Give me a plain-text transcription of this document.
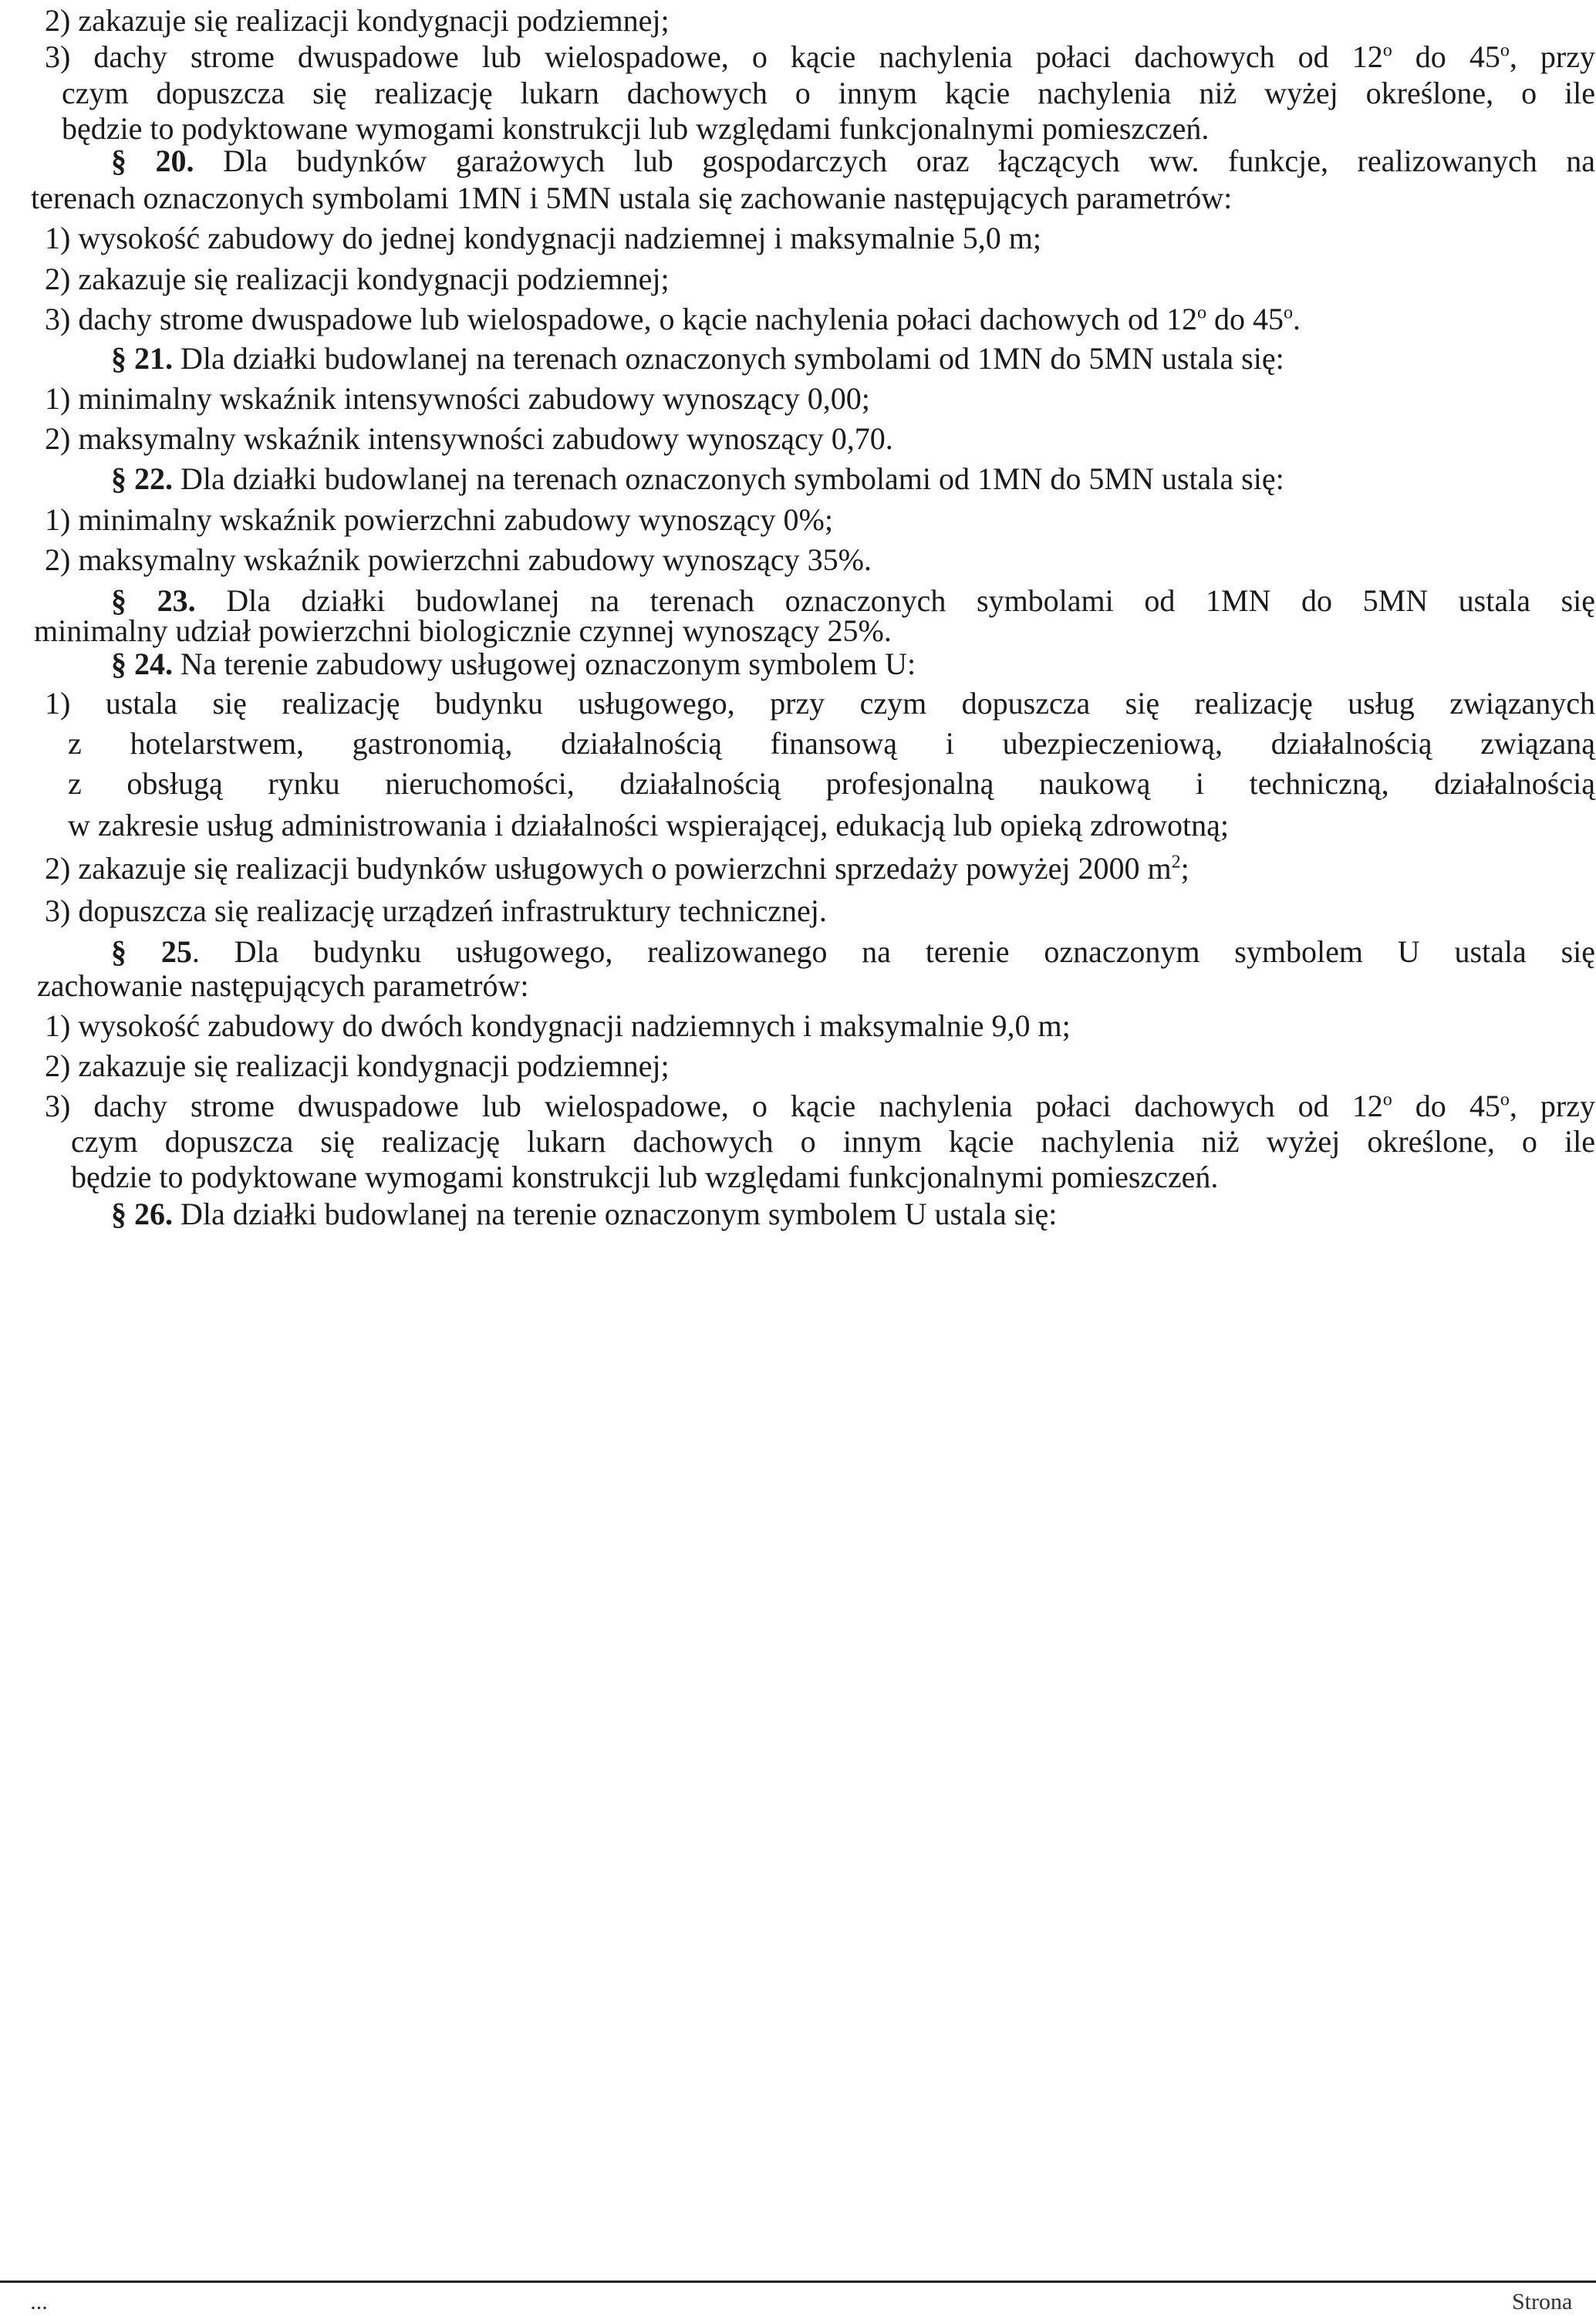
2) zakazuje się realizacji kondygnacji podziemnej;

3) dachy strome dwuspadowe lub wielospadowe, o kącie nachylenia połaci dachowych od 12$^o$ do 45$^o$, przy

czym dopuszcza się realizację lukarn dachowych o innym kącie nachylenia niż wyżej określone, o ile

będzie to podyktowane wymogami konstrukcji lub względami funkcjonalnymi pomieszczeń.

§ 20. Dla budynków garażowych lub gospodarczych oraz łączących ww. funkcje, realizowanych na

terenach oznaczonych symbolami 1MN i 5MN ustala się zachowanie następujących parametrów:

1) wysokość zabudowy do jednej kondygnacji nadziemnej i maksymalnie 5,0 m;

2) zakazuje się realizacji kondygnacji podziemnej;

3) dachy strome dwuspadowe lub wielospadowe, o kącie nachylenia połaci dachowych od 12$^o$ do 45$^o$.

§ 21. Dla działki budowlanej na terenach oznaczonych symbolami od 1MN do 5MN ustala się:

1) minimalny wskaźnik intensywności zabudowy wynoszący 0,00;

2) maksymalny wskaźnik intensywności zabudowy wynoszący 0,70.

§ 22. Dla działki budowlanej na terenach oznaczonych symbolami od 1MN do 5MN ustala się:

1) minimalny wskaźnik powierzchni zabudowy wynoszący 0%;

2) maksymalny wskaźnik powierzchni zabudowy wynoszący 35%.

§ 23. Dla działki budowlanej na terenach oznaczonych symbolami od 1MN do 5MN ustala się

minimalny udział powierzchni biologicznie czynnej wynoszący 25%.

§ 24. Na terenie zabudowy usługowej oznaczonym symbolem U:

1) ustala się realizację budynku usługowego, przy czym dopuszcza się realizację usług związanych

z hotelarstwem, gastronomią, działalnością finansową i ubezpieczeniową, działalnością związaną

z obsługą rynku nieruchomości, działalnością profesjonalną naukową i techniczną, działalnością

w zakresie usług administrowania i działalności wspierającej, edukacją lub opieką zdrowotną;

2) zakazuje się realizacji budynków usługowych o powierzchni sprzedaży powyżej 2000 $m^2$;

3) dopuszcza się realizację urządzeń infrastruktury technicznej.

§ 25. Dla budynku usługowego, realizowanego na terenie oznaczonym symbolem U ustala się

zachowanie następujących parametrów:

1) wysokość zabudowy do dwóch kondygnacji nadziemnych i maksymalnie 9,0 m;

2) zakazuje się realizacji kondygnacji podziemnej;

3) dachy strome dwuspadowe lub wielospadowe, o kącie nachylenia połaci dachowych od 12$^o$ do 45$^o$, przy

czym dopuszcza się realizację lukarn dachowych o innym kącie nachylenia niż wyżej określone, o ile

będzie to podyktowane wymogami konstrukcji lub względami funkcjonalnymi pomieszczeń.

§ 26. Dla działki budowlanej na terenie oznaczonym symbolem U ustala się:

...	Strona
